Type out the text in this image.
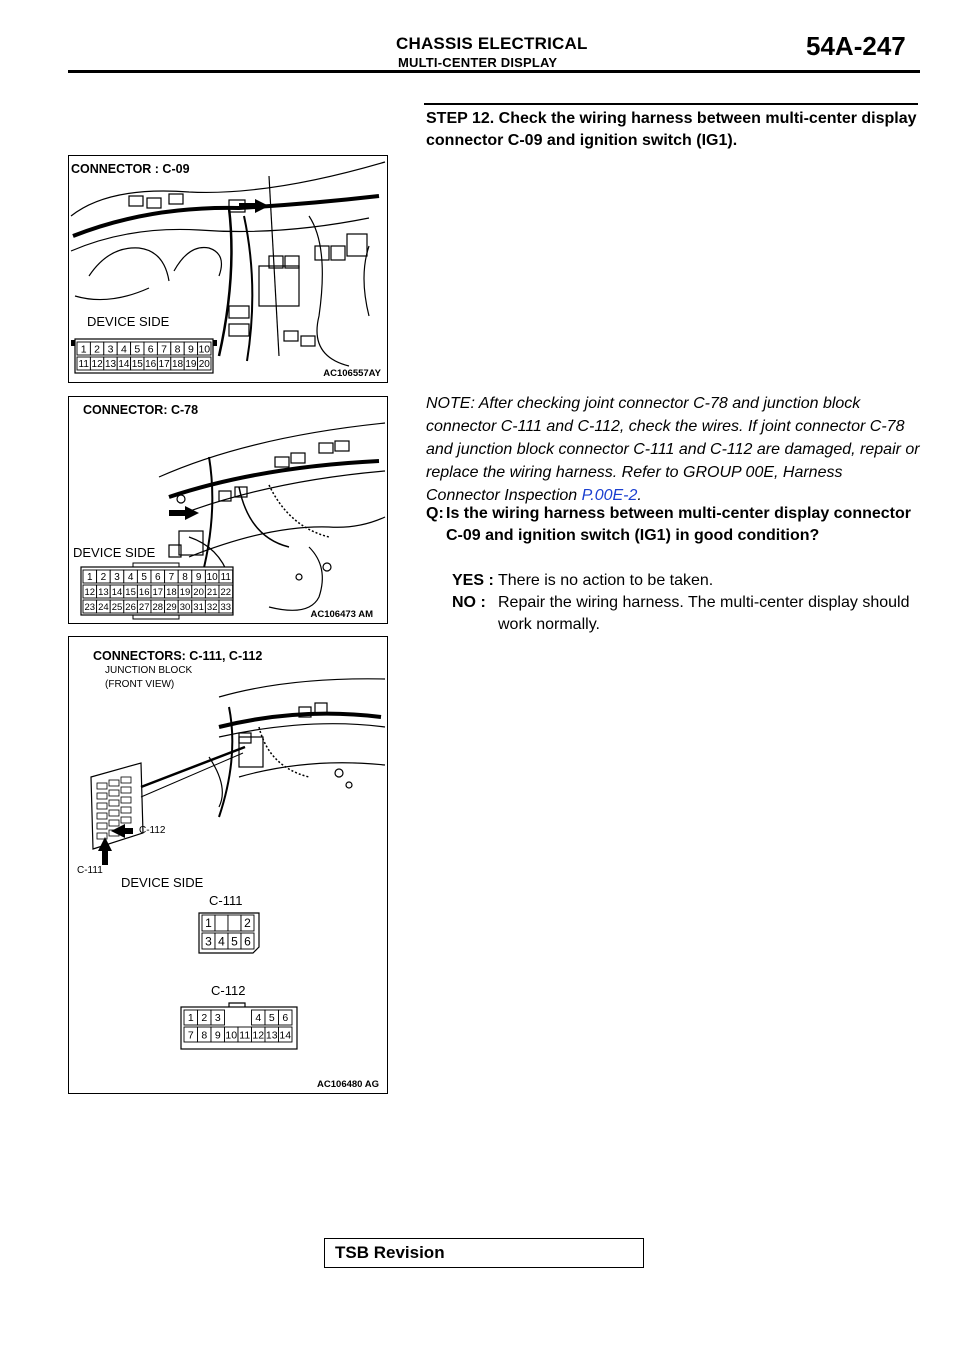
CHASSIS ELECTRICAL
MULTI-CENTER DISPLAY
54A-247
STEP 12. Check the wiring harness between multi-center display connector C-09 and ignition switch (IG1).
1 2 3 4 5 6 7 8 9 10
11 12 13 14 15 16 17 18 19 20
CONNECTOR : C-09
DEVICE SIDE
AC106557AY
1 2 3 4 5 6 7 8 9 10 11
12 13 14 15 16 17 18 19 20 21 22
23 24 25 26 27 28 29 30 31 32 33
CONNECTOR: C-78
DEVICE SIDE
AC106473 AM
1	2
3 4 5 6
1 2 3	4 5 6
7 8 9 10 11 12 13 14
CONNECTORS: C-111, C-112
JUNCTION BLOCK
(FRONT VIEW)
C-112
C-111
DEVICE SIDE
C-111
C-112
AC106480 AG
NOTE: After checking joint connector C-78 and junction block connector C-111 and C-112, check the wires. If joint connector C-78 and junction block connector C-111 and C-112 are damaged, repair or replace the wiring harness. Refer to GROUP 00E, Harness Connector Inspection P.00E-2.
Q: Is the wiring harness between multi-center display connector C-09 and ignition switch (IG1) in good condition?
YES : There is no action to be taken.
NO : Repair the wiring harness. The multi-center display should work normally.
TSB Revision
